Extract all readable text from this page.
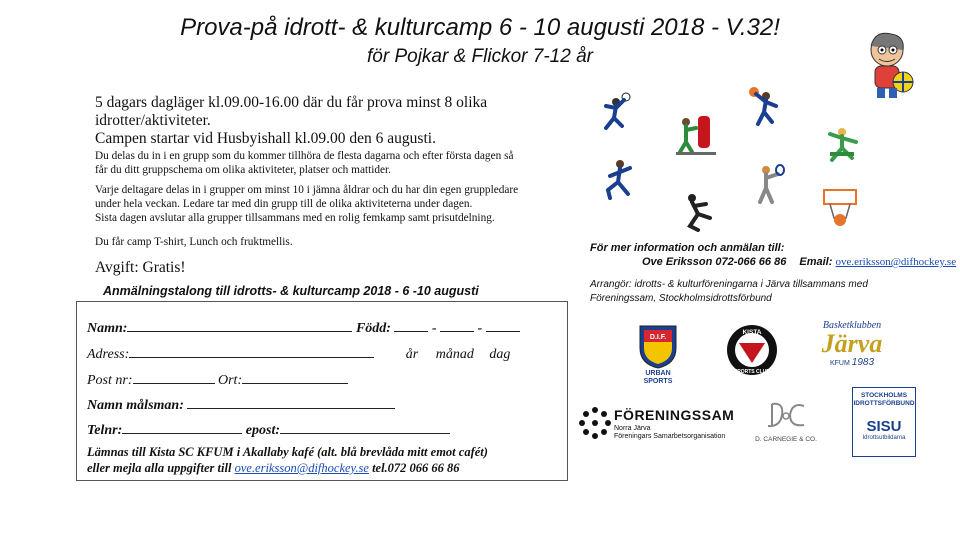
Prova-på idrott- & kulturcamp 6 - 10 augusti 2018 - V.32!
för Pojkar & Flickor 7-12 år
5 dagars dagläger kl.09.00-16.00 där du får prova minst 8 olika
idrotter/aktiviteter.
Campen startar vid Husbyishall kl.09.00 den 6 augusti.
Du delas du in i en grupp som du kommer tillhöra de flesta dagarna och efter första dagen så
får du ditt gruppschema om olika aktiviteter, platser och mattider.
Varje deltagare delas in i grupper om minst 10 i jämna åldrar och du har din egen gruppledare
under hela veckan. Ledare tar med din grupp till de olika aktiviteterna under dagen.
Sista dagen avslutar alla grupper tillsammans med en rolig femkamp samt prisutdelning.
Du får camp T-shirt, Lunch och fruktmellis.
Avgift: Gratis!
Anmälningstalong till idrotts- & kulturcamp 2018 - 6 -10 augusti
Namn:	Född:	-	-
Adress:	år månad dag
Post nr:	Ort:
Namn målsman:
Telnr:	epost:
Lämnas till Kista SC KFUM i Akallaby kafé (alt. blå brevlåda mitt emot cafét)
eller mejla alla uppgifter till ove.eriksson@difhockey.se tel.072 066 66 86
För mer information och anmälan till:
Ove Eriksson 072-066 66 86 Email: ove.eriksson@difhockey.se
Arrangör: idrotts- & kulturföreningarna i Järva tillsammans med
Föreningssam, Stockholmsidrottsförbund
D.I.F.
URBAN
SPORTS
KISTA
SPORTS CLUB
Basketklubben
Järva
KFUM 1983
FÖRENINGSSAM
Norra Järva
Föreningars Samarbetsorganisation	D. CARNEGIE & CO.
STOCKHOLMS
IDROTTSFÖRBUND
SISU
Idrottsutbildarna
